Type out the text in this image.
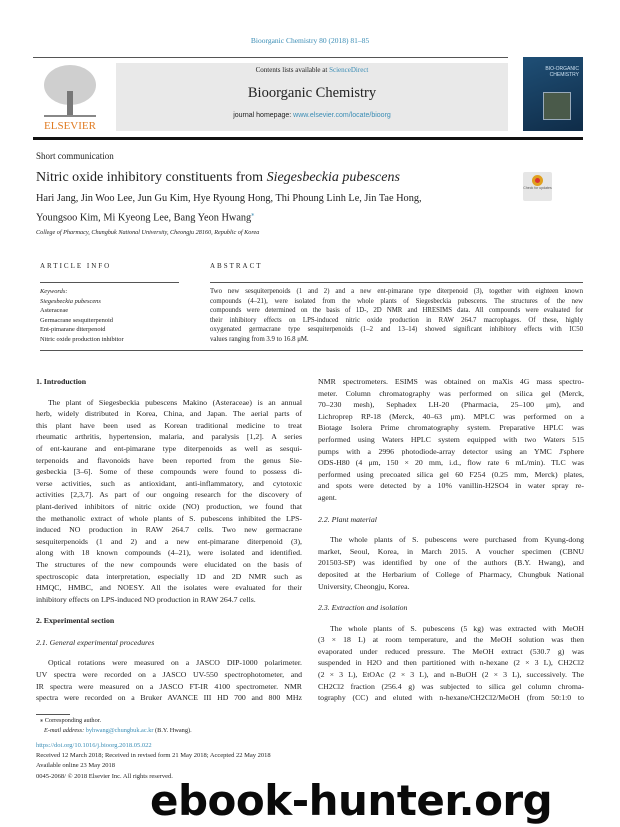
Bioorganic Chemistry 80 (2018) 81–85
ELSEVIER
Contents lists available at ScienceDirect
Bioorganic Chemistry
journal homepage: www.elsevier.com/locate/bioorg
BIO-ORGANIC CHEMISTRY
Short communication
Nitric oxide inhibitory constituents from Siegesbeckia pubescens
Hari Jang, Jin Woo Lee, Jun Gu Kim, Hye Ryoung Hong, Thi Phoung Linh Le, Jin Tae Hong,
Youngsoo Kim, Mi Kyeong Lee, Bang Yeon Hwang⁎
Check for updates
College of Pharmacy, Chungbuk National University, Cheongju 28160, Republic of Korea
ARTICLE INFO	ABSTRACT
Keywords:
Siegesbeckia pubescens
Asteraceae
Germacrane sesquiterpenoid
Ent-pimarane diterpenoid
Nitric oxide production inhibitor
Two new sesquiterpenoids (1 and 2) and a new ent-pimarane type diterpenoid (3), together with eighteen known
compounds (4–21), were isolated from the whole plants of Siegesbeckia pubescens. The structures of the new
compounds were determined on the basis of 1D-, 2D NMR and HRESIMS data. All compounds were evaluated for
their inhibitory effects on LPS-induced nitric oxide production in RAW 264.7 macrophages. Of these, highly
oxygenated germacrane type sesquiterpenoids (1–2 and 13–14) showed significant inhibitory effects with IC50
values ranging from 3.9 to 16.8 μM.
1. Introduction
The plant of Siegesbeckia pubescens Makino (Asteraceae) is an annual
herb, widely distributed in Korea, China, and Japan. The aerial parts of
this plant have been used as Korean traditional medicine to treat
rheumatic arthritis, hypertension, malaria, and paralysis [1,2]. A series
of ent-kaurane and ent-pimarane type diterpenoids as well as sesqui-
terpenoids and flavonoids have been reported from the genus Sie-
gesbeckia [3–6]. Some of these compounds were found to possess di-
verse activities, such as antioxidant, anti-inflammatory, and cytotoxic
activities [2,3,7]. As part of our ongoing research for the discovery of
plant-derived inhibitors of nitric oxide (NO) production, we found that
the methanolic extract of whole plants of S. pubescens inhibited the LPS-
induced NO production in RAW 264.7 cells. Two new germacrane
sesquiterpenoids (1 and 2) and a new ent-pimarane diterpenoid (3),
along with 18 known compounds (4–21), were isolated and identified.
The structures of the new compounds were elucidated on the basis of
spectroscopic data interpretation, especially 1D and 2D NMR such as
HMQC, HMBC, and NOESY. All the isolates were evaluated for their
inhibitory effects on LPS-induced NO production in RAW 264.7 cells.
2. Experimental section
2.1. General experimental procedures
Optical rotations were measured on a JASCO DIP-1000 polarimeter.
UV spectra were recorded on a JASCO UV-550 spectrophotometer, and
IR spectra were measured on a JASCO FT-IR 4100 spectrometer. NMR
spectra were recorded on a Bruker AVANCE III HD 700 and 800 MHz
NMR spectrometers. ESIMS was obtained on maXis 4G mass spectro-
meter. Column chromatography was performed on silica gel (Merck,
70–230 mesh), Sephadex LH-20 (Pharmacia, 25–100 μm), and
Lichroprep RP-18 (Merck, 40–63 μm). MPLC was performed on a
Biotage Isolera Prime chromatography system. Preparative HPLC was
performed using Waters HPLC system equipped with two Waters 515
pumps with a 2996 photodiode-array detector using an YMC J'sphere
ODS-H80 (4 μm, 150 × 20 mm, i.d., flow rate 6 mL/min). TLC was
performed using precoated silica gel 60 F254 (0.25 mm, Merck) plates,
and spots were detected by a 10% vanillin-H2SO4 in water spray re-
agent.
2.2. Plant material
The whole plants of S. pubescens were purchased from Kyung-dong
market, Seoul, Korea, in March 2015. A voucher specimen (CBNU
201503-SP) was identified by one of the authors (B.Y. Hwang), and
deposited at the Herbarium of College of Pharmacy, Chungbuk National
University, Cheongju, Korea.
2.3. Extraction and isolation
The whole plants of S. pubescens (5 kg) was extracted with MeOH
(3 × 18 L) at room temperature, and the MeOH solution was then
evaporated under reduced pressure. The MeOH extract (530.7 g) was
suspended in H2O and then partitioned with n-hexane (2 × 3 L), CH2Cl2
(2 × 3 L), EtOAc (2 × 3 L), and n-BuOH (2 × 3 L), successively. The
CH2Cl2 fraction (256.4 g) was subjected to silica gel column chroma-
tography (CC) and eluted with n-hexane/CH2Cl2/MeOH (from 50:1:0 to
⁎ Corresponding author.
E-mail address: byhwang@chungbuk.ac.kr (B.Y. Hwang).
https://doi.org/10.1016/j.bioorg.2018.05.022
Received 12 March 2018; Received in revised form 21 May 2018; Accepted 22 May 2018
Available online 23 May 2018
0045-2068/ © 2018 Elsevier Inc. All rights reserved.
ebook-hunter.org
